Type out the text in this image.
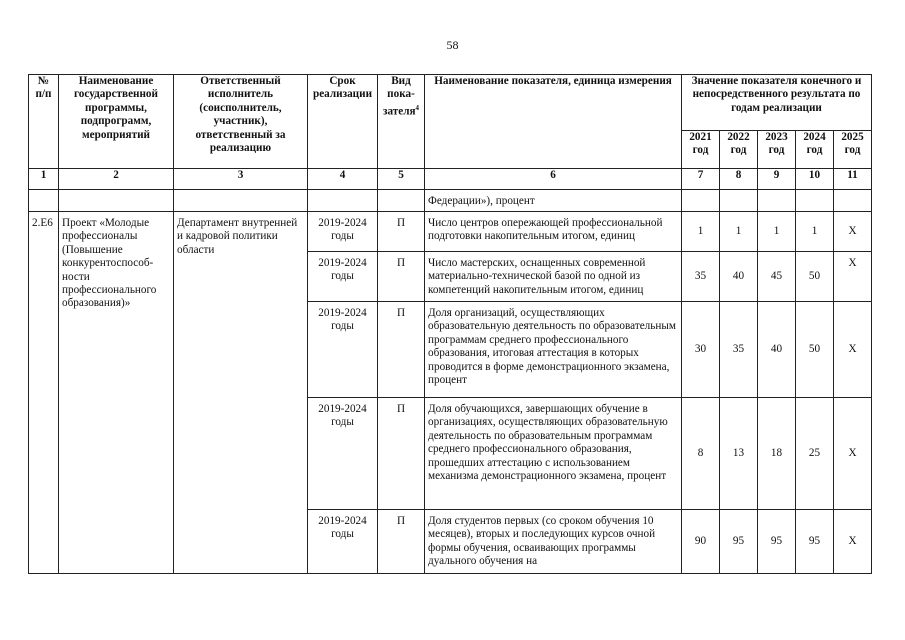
58
№ п/п	Наименование государственной программы, подпрограмм, мероприятий	Ответственный исполнитель (соисполнитель, участник), ответственный за реализацию	Срок реализации	Вид пока-зателя$^4$	Наименование показателя, единица измерения	Значение показателя конечного и непосредственного результата по годам реализации				
						2021 год	2022 год	2023 год	2024 год	2025 год
1	2	3	4	5	6	7	8	9	10	11
					Федерации»), процент					
2.Е6	Проект «Молодые профессионалы (Повышение конкурентоспособ-ности профессионального образования)»	Департамент внутренней и кадровой политики области	2019-2024 годы	П	Число центров опережающей профессиональной подготовки накопительным итогом, единиц	1	1	1	1	Х
			2019-2024 годы	П	Число мастерских, оснащенных современной материально-технической базой по одной из компетенций накопительным итогом, единиц	35	40	45	50	Х
			2019-2024 годы	П	Доля организаций, осуществляющих образовательную деятельность по образовательным программам среднего профессионального образования, итоговая аттестация в которых проводится в форме демонстрационного экзамена, процент	30	35	40	50	Х
			2019-2024 годы	П	Доля обучающихся, завершающих обучение в организациях, осуществляющих образовательную деятельность по образовательным программам среднего профессионального образования, прошедших аттестацию с использованием механизма демонстрационного экзамена, процент	8	13	18	25	Х
			2019-2024 годы	П	Доля студентов первых (со сроком обучения 10 месяцев), вторых и последующих курсов очной формы обучения, осваивающих программы дуального обучения на	90	95	95	95	Х
